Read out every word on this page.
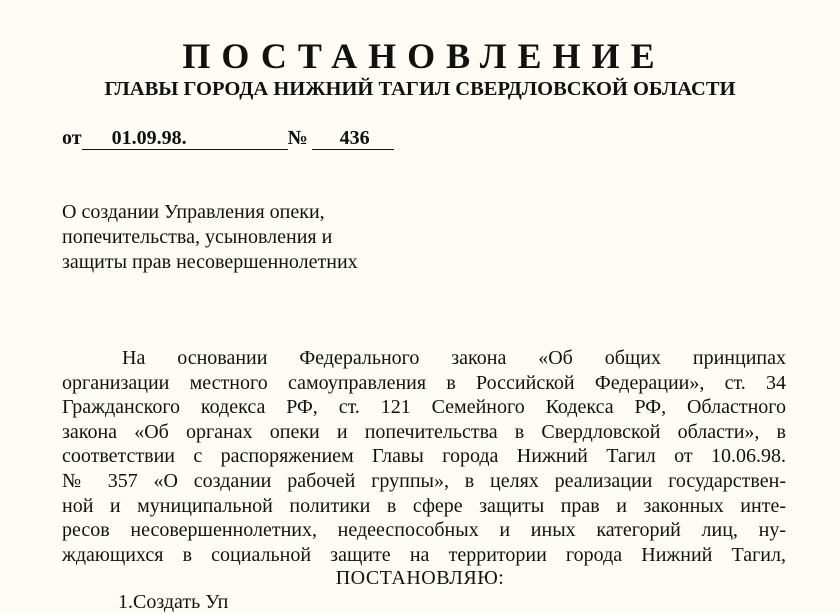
ПОСТАНОВЛЕНИЕ
ГЛАВЫ ГОРОДА НИЖНИЙ ТАГИЛ СВЕРДЛОВСКОЙ ОБЛАСТИ
от 01.09.98.	№ 436
О создании Управления опеки,
попечительства, усыновления и
защиты прав несовершеннолетних
На основании Федерального закона «Об общих принципах
организации местного самоуправления в Российской Федерации», ст. 34
Гражданского кодекса РФ, ст. 121 Семейного Кодекса РФ, Областного
закона «Об органах опеки и попечительства в Свердловской области», в
соответствии с распоряжением Главы города Нижний Тагил от 10.06.98.
№ 357 «О создании рабочей группы», в целях реализации государствен-
ной и муниципальной политики в сфере защиты прав и законных инте-
ресов несовершеннолетних, недееспособных и иных категорий лиц, ну-
ждающихся в социальной защите на территории города Нижний Тагил,
ПОСТАНОВЛЯЮ:
1.Создать Уп
